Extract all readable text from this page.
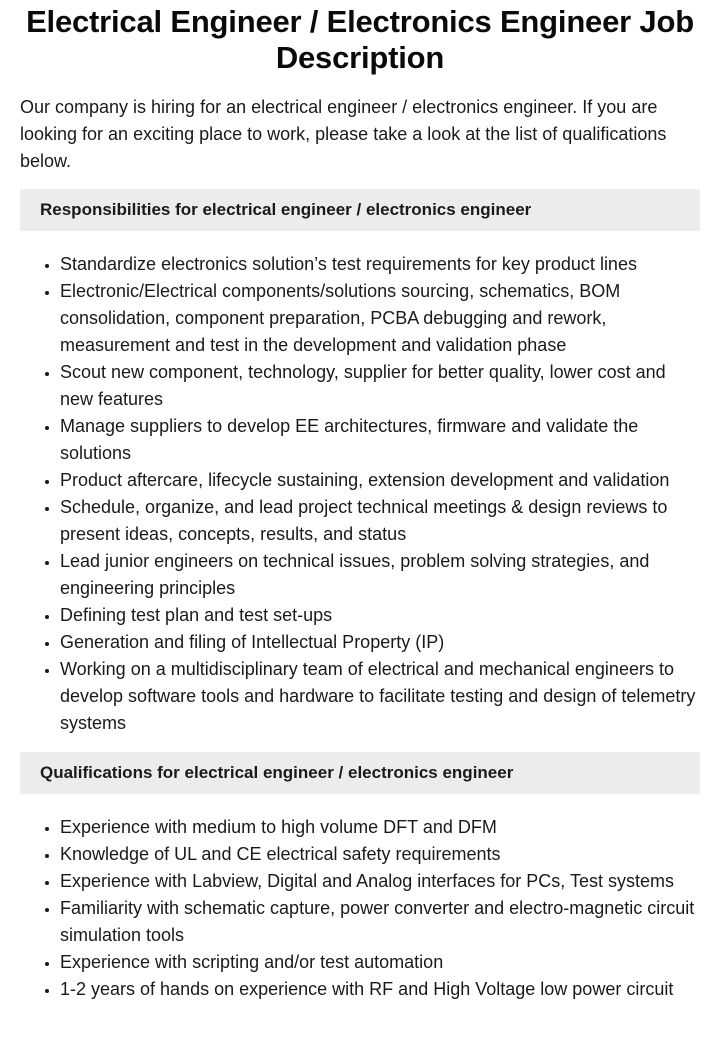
Electrical Engineer / Electronics Engineer Job Description

Our company is hiring for an electrical engineer / electronics engineer. If you are looking for an exciting place to work, please take a look at the list of qualifications below.

Responsibilities for electrical engineer / electronics engineer
• Standardize electronics solution’s test requirements for key product lines
• Electronic/Electrical components/solutions sourcing, schematics, BOM consolidation, component preparation, PCBA debugging and rework, measurement and test in the development and validation phase
• Scout new component, technology, supplier for better quality, lower cost and new features
• Manage suppliers to develop EE architectures, firmware and validate the solutions
• Product aftercare, lifecycle sustaining, extension development and validation
• Schedule, organize, and lead project technical meetings & design reviews to present ideas, concepts, results, and status
• Lead junior engineers on technical issues, problem solving strategies, and engineering principles
• Defining test plan and test set-ups
• Generation and filing of Intellectual Property (IP)
• Working on a multidisciplinary team of electrical and mechanical engineers to develop software tools and hardware to facilitate testing and design of telemetry systems
Qualifications for electrical engineer / electronics engineer
• Experience with medium to high volume DFT and DFM
• Knowledge of UL and CE electrical safety requirements
• Experience with Labview, Digital and Analog interfaces for PCs, Test systems
• Familiarity with schematic capture, power converter and electro-magnetic circuit simulation tools
• Experience with scripting and/or test automation
• 1-2 years of hands on experience with RF and High Voltage low power circuit
